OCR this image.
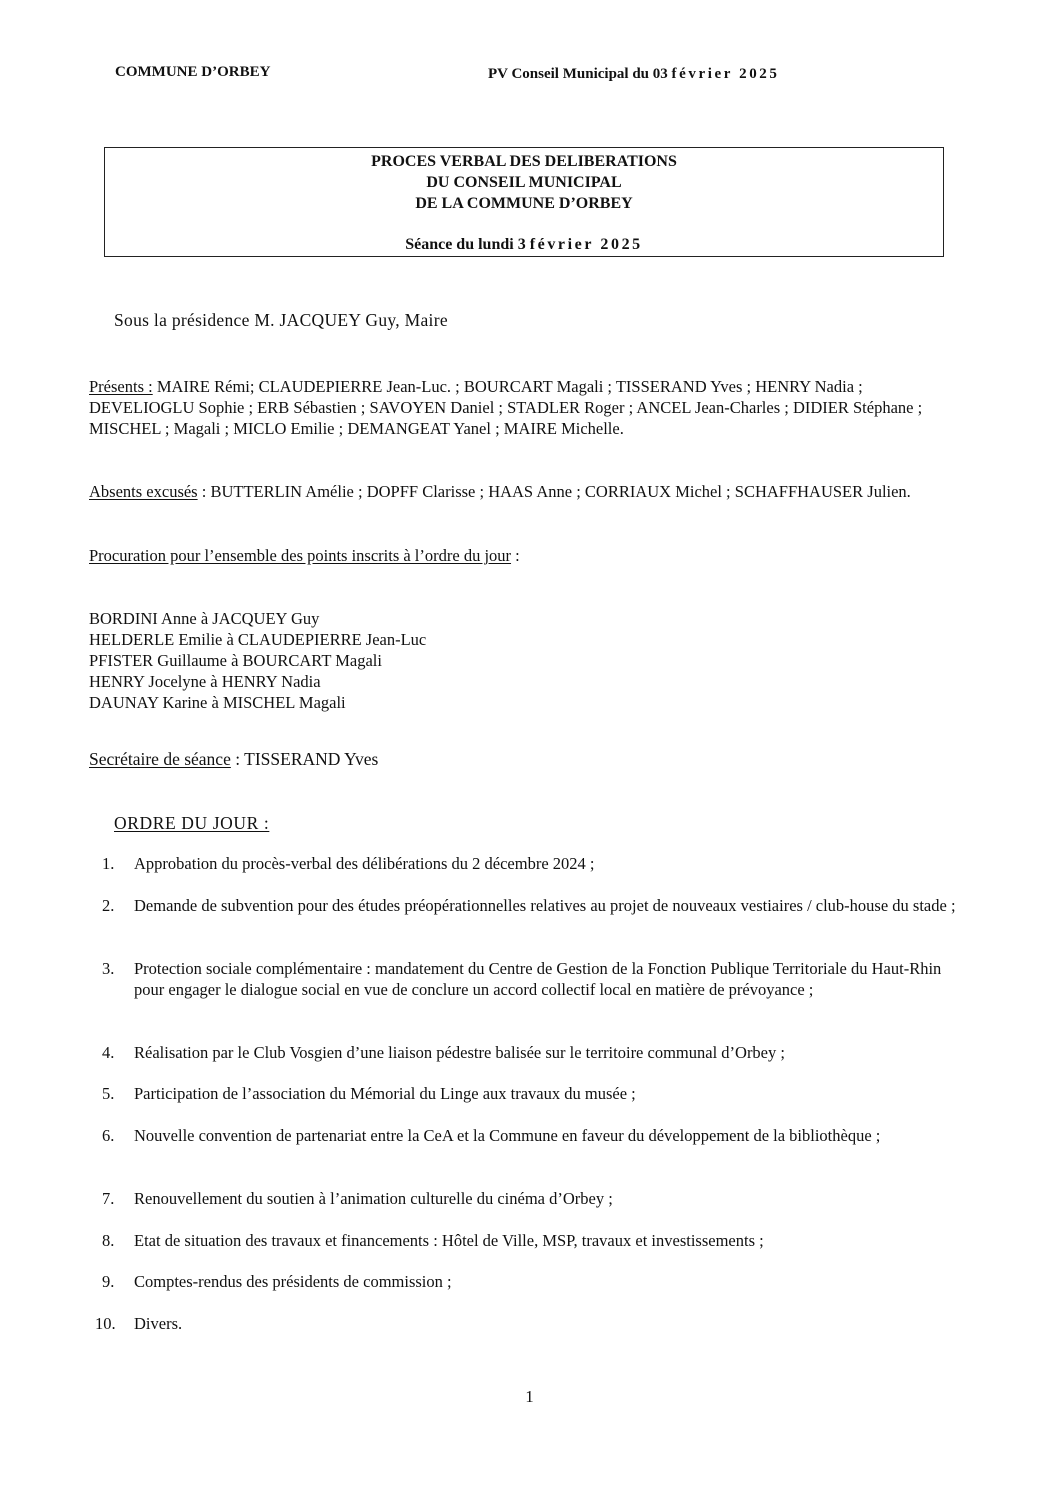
COMMUNE D’ORBEY	PV Conseil Municipal du 03 février 2025
PROCES VERBAL DES DELIBERATIONS
DU CONSEIL MUNICIPAL
DE LA COMMUNE D’ORBEY
Séance du lundi 3 février 2025
Sous la présidence M. JACQUEY Guy, Maire
Présents : MAIRE Rémi; CLAUDEPIERRE Jean-Luc. ; BOURCART Magali ; TISSERAND Yves ; HENRY Nadia ; DEVELIOGLU Sophie ; ERB Sébastien ; SAVOYEN Daniel ; STADLER Roger ; ANCEL Jean-Charles ; DIDIER Stéphane ; MISCHEL ; Magali ; MICLO Emilie ; DEMANGEAT Yanel ; MAIRE Michelle.
Absents excusés : BUTTERLIN Amélie ; DOPFF Clarisse ; HAAS Anne ; CORRIAUX Michel ; SCHAFFHAUSER Julien.
Procuration pour l’ensemble des points inscrits à l’ordre du jour :
BORDINI Anne à JACQUEY Guy
HELDERLE Emilie à CLAUDEPIERRE Jean-Luc
PFISTER Guillaume à BOURCART Magali
HENRY Jocelyne à HENRY Nadia
DAUNAY Karine à MISCHEL Magali
Secrétaire de séance : TISSERAND Yves
ORDRE DU JOUR :
1.	Approbation du procès-verbal des délibérations du 2 décembre 2024 ;
2.	Demande de subvention pour des études préopérationnelles relatives au projet de nouveaux vestiaires / club-house du stade ;
3.	Protection sociale complémentaire : mandatement du Centre de Gestion de la Fonction Publique Territoriale du Haut-Rhin pour engager le dialogue social en vue de conclure un accord collectif local en matière de prévoyance ;
4.	Réalisation par le Club Vosgien d’une liaison pédestre balisée sur le territoire communal d’Orbey ;
5.	Participation de l’association du Mémorial du Linge aux travaux du musée ;
6.	Nouvelle convention de partenariat entre la CeA et la Commune en faveur du développement de la bibliothèque ;
7.	Renouvellement du soutien à l’animation culturelle du cinéma d’Orbey ;
8.	Etat de situation des travaux et financements : Hôtel de Ville, MSP, travaux et investissements ;
9.	Comptes-rendus des présidents de commission ;
10.	Divers.
1
